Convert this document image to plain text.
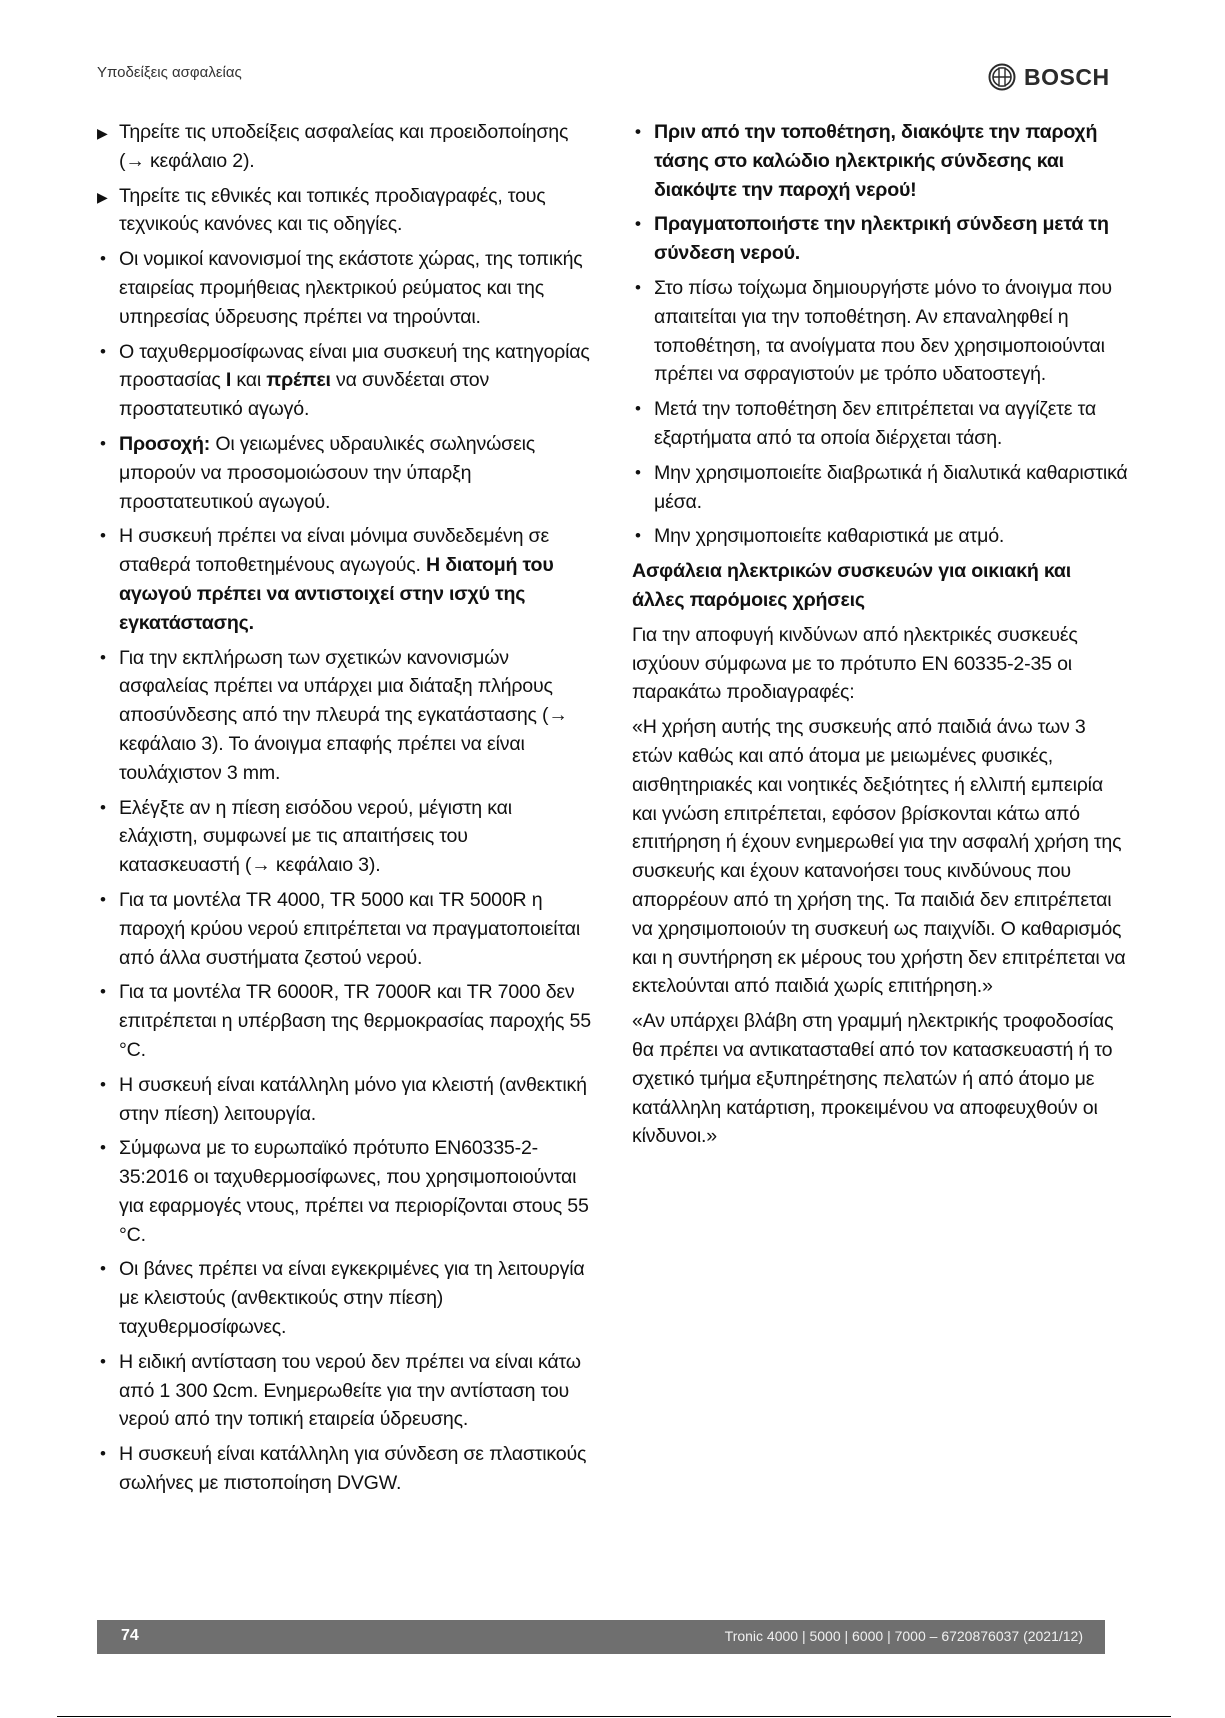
Υποδείξεις ασφαλείας	BOSCH
▶ Τηρείτε τις υποδείξεις ασφαλείας και προειδοποίησης (→ κεφάλαιο 2).
▶ Τηρείτε τις εθνικές και τοπικές προδιαγραφές, τους τεχνικούς κανόνες και τις οδηγίες.
• Οι νομικοί κανονισμοί της εκάστοτε χώρας, της τοπικής εταιρείας προμήθειας ηλεκτρικού ρεύματος και της υπηρεσίας ύδρευσης πρέπει να τηρούνται.
• Ο ταχυθερμοσίφωνας είναι μια συσκευή της κατηγορίας προστασίας I και πρέπει να συνδέεται στον προστατευτικό αγωγό.
• Προσοχή: Οι γειωμένες υδραυλικές σωληνώσεις μπορούν να προσομοιώσουν την ύπαρξη προστατευτικού αγωγού.
• Η συσκευή πρέπει να είναι μόνιμα συνδεδεμένη σε σταθερά τοποθετημένους αγωγούς. Η διατομή του αγωγού πρέπει να αντιστοιχεί στην ισχύ της εγκατάστασης.
• Για την εκπλήρωση των σχετικών κανονισμών ασφαλείας πρέπει να υπάρχει μια διάταξη πλήρους αποσύνδεσης από την πλευρά της εγκατάστασης (→ κεφάλαιο 3). Το άνοιγμα επαφής πρέπει να είναι τουλάχιστον 3 mm.
• Ελέγξτε αν η πίεση εισόδου νερού, μέγιστη και ελάχιστη, συμφωνεί με τις απαιτήσεις του κατασκευαστή (→ κεφάλαιο 3).
• Για τα μοντέλα TR 4000, TR 5000 και TR 5000R η παροχή κρύου νερού επιτρέπεται να πραγματοποιείται από άλλα συστήματα ζεστού νερού.
• Για τα μοντέλα TR 6000R, TR 7000R και TR 7000 δεν επιτρέπεται η υπέρβαση της θερμοκρασίας παροχής 55 °C.
• Η συσκευή είναι κατάλληλη μόνο για κλειστή (ανθεκτική στην πίεση) λειτουργία.
• Σύμφωνα με το ευρωπαϊκό πρότυπο EN60335-2-35:2016 οι ταχυθερμοσίφωνες, που χρησιμοποιούνται για εφαρμογές ντους, πρέπει να περιορίζονται στους 55 °C.
• Οι βάνες πρέπει να είναι εγκεκριμένες για τη λειτουργία με κλειστούς (ανθεκτικούς στην πίεση) ταχυθερμοσίφωνες.
• Η ειδική αντίσταση του νερού δεν πρέπει να είναι κάτω από 1 300 Ωcm. Ενημερωθείτε για την αντίσταση του νερού από την τοπική εταιρεία ύδρευσης.
• Η συσκευή είναι κατάλληλη για σύνδεση σε πλαστικούς σωλήνες με πιστοποίηση DVGW.
• Πριν από την τοποθέτηση, διακόψτε την παροχή τάσης στο καλώδιο ηλεκτρικής σύνδεσης και διακόψτε την παροχή νερού!
• Πραγματοποιήστε την ηλεκτρική σύνδεση μετά τη σύνδεση νερού.
• Στο πίσω τοίχωμα δημιουργήστε μόνο το άνοιγμα που απαιτείται για την τοποθέτηση. Αν επαναληφθεί η τοποθέτηση, τα ανοίγματα που δεν χρησιμοποιούνται πρέπει να σφραγιστούν με τρόπο υδατοστεγή.
• Μετά την τοποθέτηση δεν επιτρέπεται να αγγίζετε τα εξαρτήματα από τα οποία διέρχεται τάση.
• Μην χρησιμοποιείτε διαβρωτικά ή διαλυτικά καθαριστικά μέσα.
• Μην χρησιμοποιείτε καθαριστικά με ατμό.
Ασφάλεια ηλεκτρικών συσκευών για οικιακή και άλλες παρόμοιες χρήσεις

Για την αποφυγή κινδύνων από ηλεκτρικές συσκευές ισχύουν σύμφωνα με το πρότυπο EN 60335-2-35 οι παρακάτω προδιαγραφές:

«Η χρήση αυτής της συσκευής από παιδιά άνω των 3 ετών καθώς και από άτομα με μειωμένες φυσικές, αισθητηριακές και νοητικές δεξιότητες ή ελλιπή εμπειρία και γνώση επιτρέπεται, εφόσον βρίσκονται κάτω από επιτήρηση ή έχουν ενημερωθεί για την ασφαλή χρήση της συσκευής και έχουν κατανοήσει τους κινδύνους που απορρέουν από τη χρήση της. Τα παιδιά δεν επιτρέπεται να χρησιμοποιούν τη συσκευή ως παιχνίδι. Ο καθαρισμός και η συντήρηση εκ μέρους του χρήστη δεν επιτρέπεται να εκτελούνται από παιδιά χωρίς επιτήρηση.»

«Αν υπάρχει βλάβη στη γραμμή ηλεκτρικής τροφοδοσίας θα πρέπει να αντικατασταθεί από τον κατασκευαστή ή το σχετικό τμήμα εξυπηρέτησης πελατών ή από άτομο με κατάλληλη κατάρτιση, προκειμένου να αποφευχθούν οι κίνδυνοι.»

74	Tronic 4000 | 5000 | 6000 | 7000 – 6720876037 (2021/12)
